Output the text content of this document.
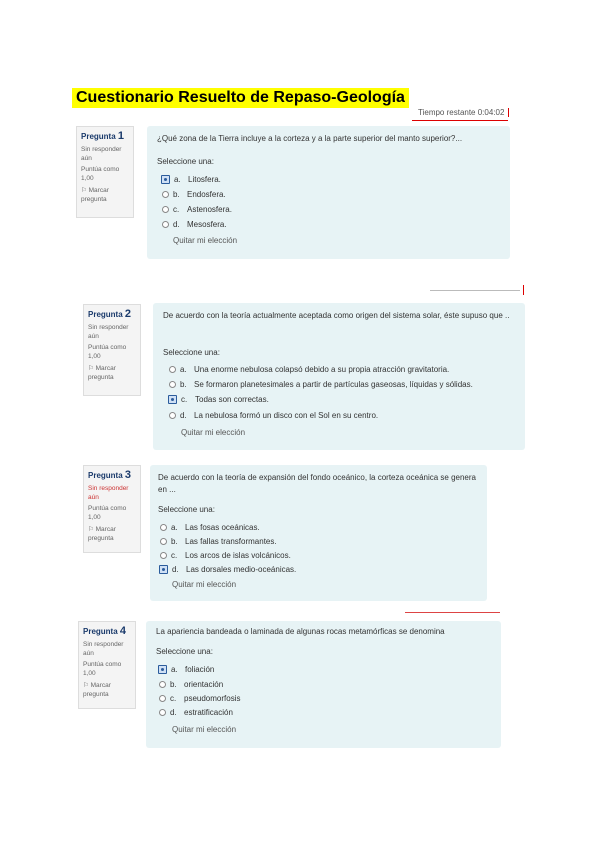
Cuestionario Resuelto de Repaso-Geología
Tiempo restante 0:04:02
Pregunta 1
Sin responder aún
Puntúa como 1,00
⚐ Marcar pregunta
¿Qué zona de la Tierra incluye a la corteza y a la parte superior del manto superior?...
Seleccione una:
a. Litosfera.
b. Endosfera.
c. Astenosfera.
d. Mesosfera.
Quitar mi elección
Pregunta 2
Sin responder aún
Puntúa como 1,00
⚐ Marcar pregunta
De acuerdo con la teoría actualmente aceptada como origen del sistema solar, éste supuso que ..
Seleccione una:
a. Una enorme nebulosa colapsó debido a su propia atracción gravitatoria.
b. Se formaron planetesimales a partir de partículas gaseosas, líquidas y sólidas.
c. Todas son correctas.
d. La nebulosa formó un disco con el Sol en su centro.
Quitar mi elección
Pregunta 3
Sin responder aún
Puntúa como 1,00
⚐ Marcar pregunta
De acuerdo con la teoría de expansión del fondo oceánico, la corteza oceánica se genera en ...
Seleccione una:
a. Las fosas oceánicas.
b. Las fallas transformantes.
c. Los arcos de islas volcánicos.
d. Las dorsales medio-oceánicas.
Quitar mi elección
Pregunta 4
Sin responder aún
Puntúa como 1,00
⚐ Marcar pregunta
La apariencia bandeada o laminada de algunas rocas metamórficas se denomina
Seleccione una:
a. foliación
b. orientación
c. pseudomorfosis
d. estratificación
Quitar mi elección
